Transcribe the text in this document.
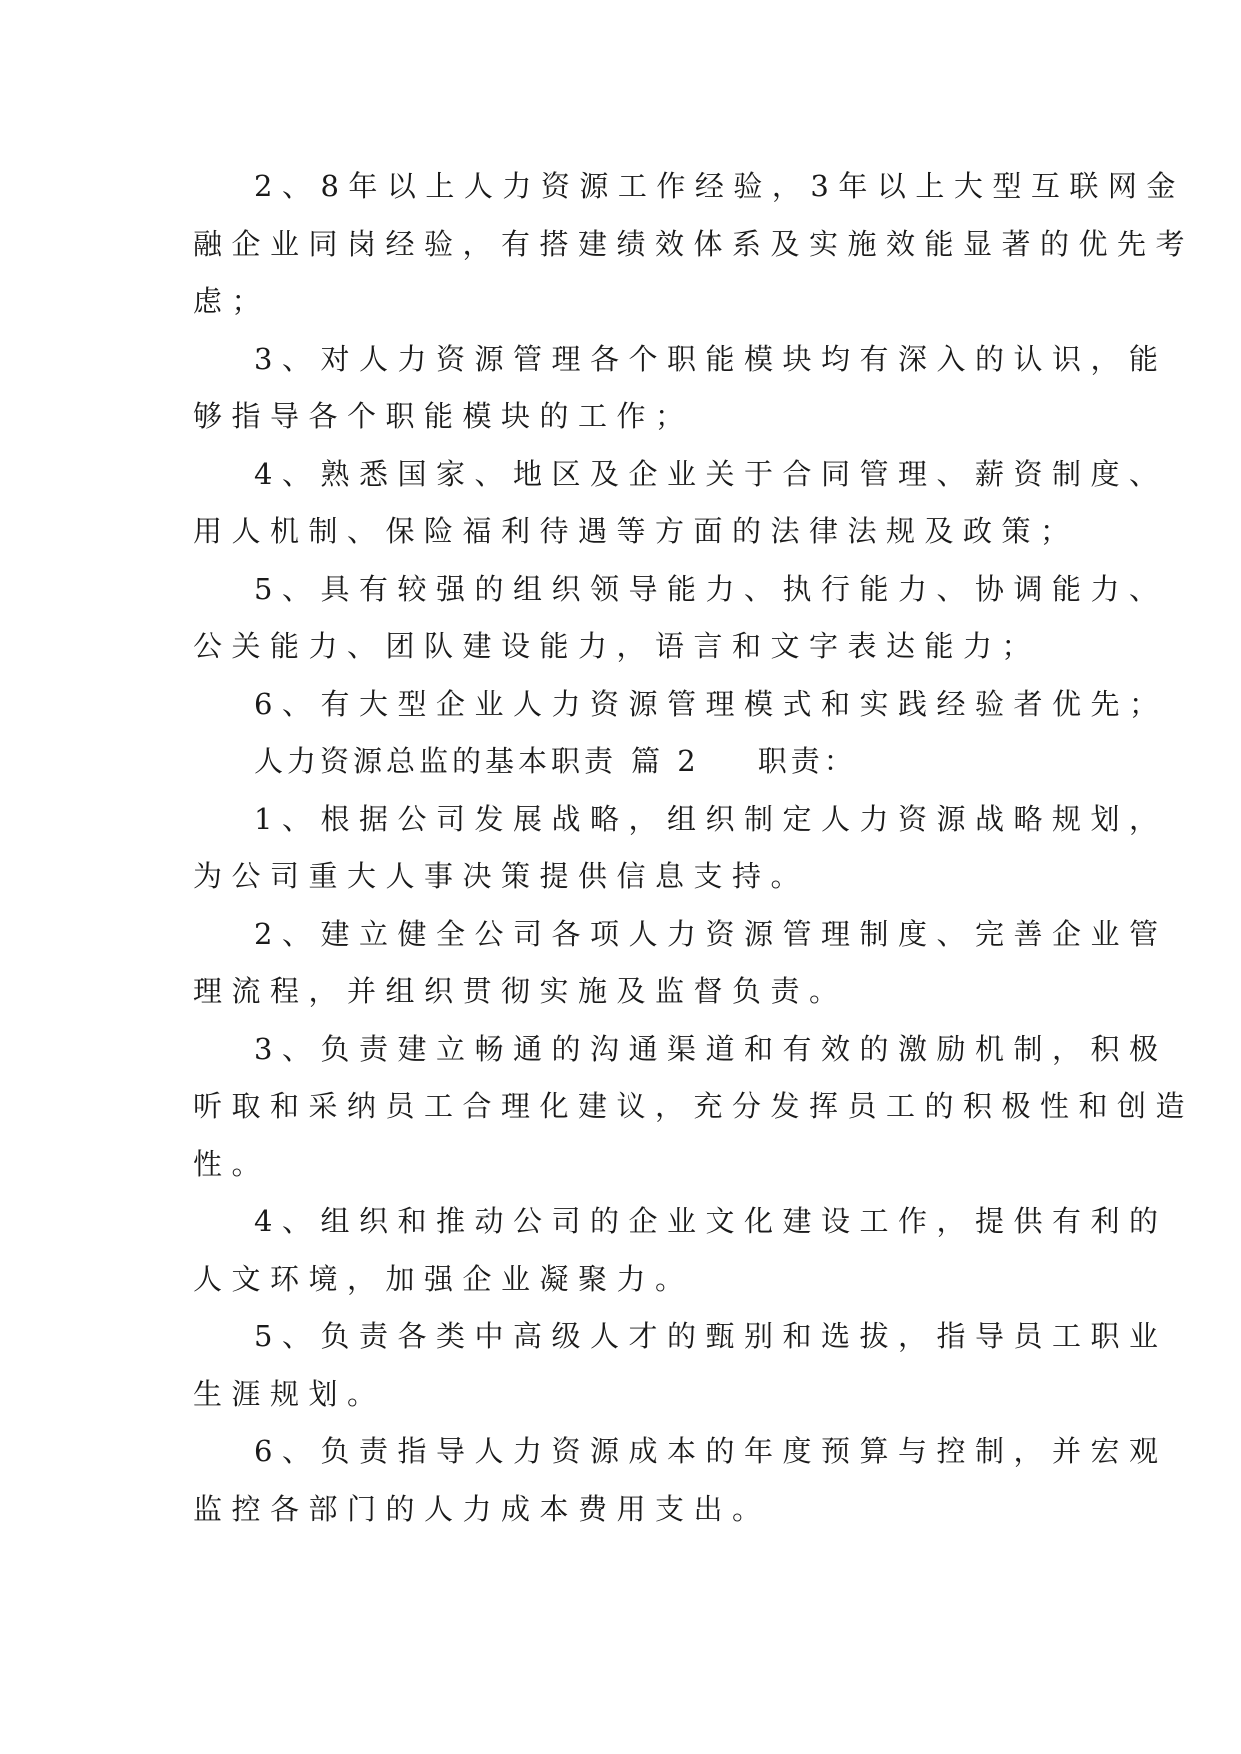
2、8年以上人力资源工作经验，3年以上大型互联网金
融企业同岗经验，有搭建绩效体系及实施效能显著的优先考
虑；
3、对人力资源管理各个职能模块均有深入的认识，能
够指导各个职能模块的工作；
4、熟悉国家、地区及企业关于合同管理、薪资制度、
用人机制、保险福利待遇等方面的法律法规及政策；
5、具有较强的组织领导能力、执行能力、协调能力、
公关能力、团队建设能力，语言和文字表达能力；
6、有大型企业人力资源管理模式和实践经验者优先；
人力资源总监的基本职责 篇 2 职责：
1、根据公司发展战略，组织制定人力资源战略规划，
为公司重大人事决策提供信息支持。
2、建立健全公司各项人力资源管理制度、完善企业管
理流程，并组织贯彻实施及监督负责。
3、负责建立畅通的沟通渠道和有效的激励机制，积极
听取和采纳员工合理化建议，充分发挥员工的积极性和创造
性。
4、组织和推动公司的企业文化建设工作，提供有利的
人文环境，加强企业凝聚力。
5、负责各类中高级人才的甄别和选拔，指导员工职业
生涯规划。
6、负责指导人力资源成本的年度预算与控制，并宏观
监控各部门的人力成本费用支出。
